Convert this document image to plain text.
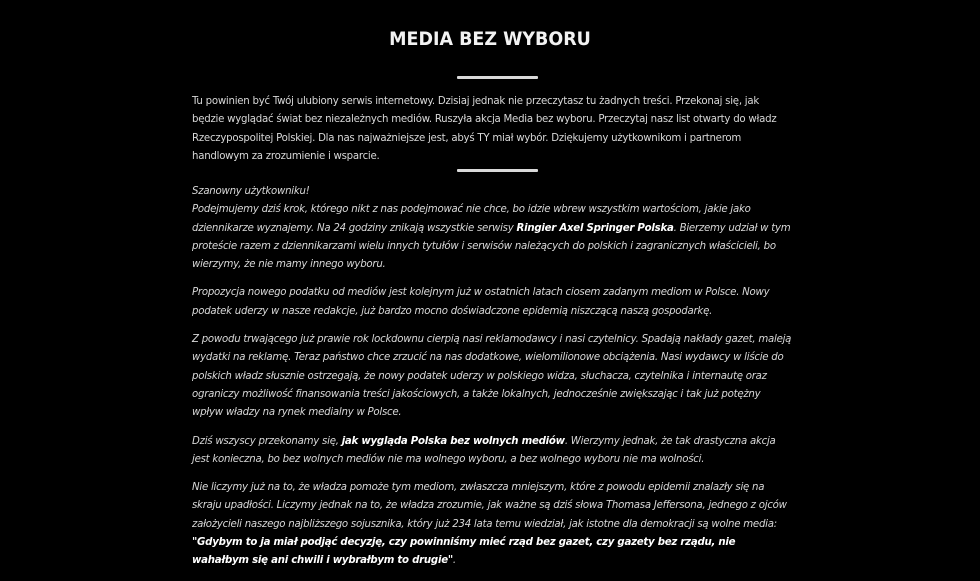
MEDIA BEZ WYBORU
Tu powinien być Twój ulubiony serwis internetowy. Dzisiaj jednak nie przeczytasz tu żadnych treści. Przekonaj się, jak będzie wyglądać świat bez niezależnych mediów. Ruszyła akcja Media bez wyboru. Przeczytaj nasz list otwarty do władz Rzeczypospolitej Polskiej. Dla nas najważniejsze jest, abyś TY miał wybór. Dziękujemy użytkownikom i partnerom handlowym za zrozumienie i wsparcie.

Szanowny użytkowniku!
Podejmujemy dziś krok, którego nikt z nas podejmować nie chce, bo idzie wbrew wszystkim wartościom, jakie jako dziennikarze wyznajemy. Na 24 godziny znikają wszystkie serwisy Ringier Axel Springer Polska. Bierzemy udział w tym proteście razem z dziennikarzami wielu innych tytułów i serwisów należących do polskich i zagranicznych właścicieli, bo wierzymy, że nie mamy innego wyboru.

Propozycja nowego podatku od mediów jest kolejnym już w ostatnich latach ciosem zadanym mediom w Polsce. Nowy podatek uderzy w nasze redakcje, już bardzo mocno doświadczone epidemią niszczącą naszą gospodarkę.

Z powodu trwającego już prawie rok lockdownu cierpią nasi reklamodawcy i nasi czytelnicy. Spadają nakłady gazet, maleją wydatki na reklamę. Teraz państwo chce zrzucić na nas dodatkowe, wielomilionowe obciążenia. Nasi wydawcy w liście do polskich władz słusznie ostrzegają, że nowy podatek uderzy w polskiego widza, słuchacza, czytelnika i internautę oraz ograniczy możliwość finansowania treści jakościowych, a także lokalnych, jednocześnie zwiększając i tak już potężny wpływ władzy na rynek medialny w Polsce.

Dziś wszyscy przekonamy się, jak wygląda Polska bez wolnych mediów. Wierzymy jednak, że tak drastyczna akcja jest konieczna, bo bez wolnych mediów nie ma wolnego wyboru, a bez wolnego wyboru nie ma wolności.

Nie liczymy już na to, że władza pomoże tym mediom, zwłaszcza mniejszym, które z powodu epidemii znalazły się na skraju upadłości. Liczymy jednak na to, że władza zrozumie, jak ważne są dziś słowa Thomasa Jeffersona, jednego z ojców założycieli naszego najbliższego sojusznika, który już 234 lata temu wiedział, jak istotne dla demokracji są wolne media: "Gdybym to ja miał podjąć decyzję, czy powinniśmy mieć rząd bez gazet, czy gazety bez rządu, nie wahałbym się ani chwili i wybrałbym to drugie".
